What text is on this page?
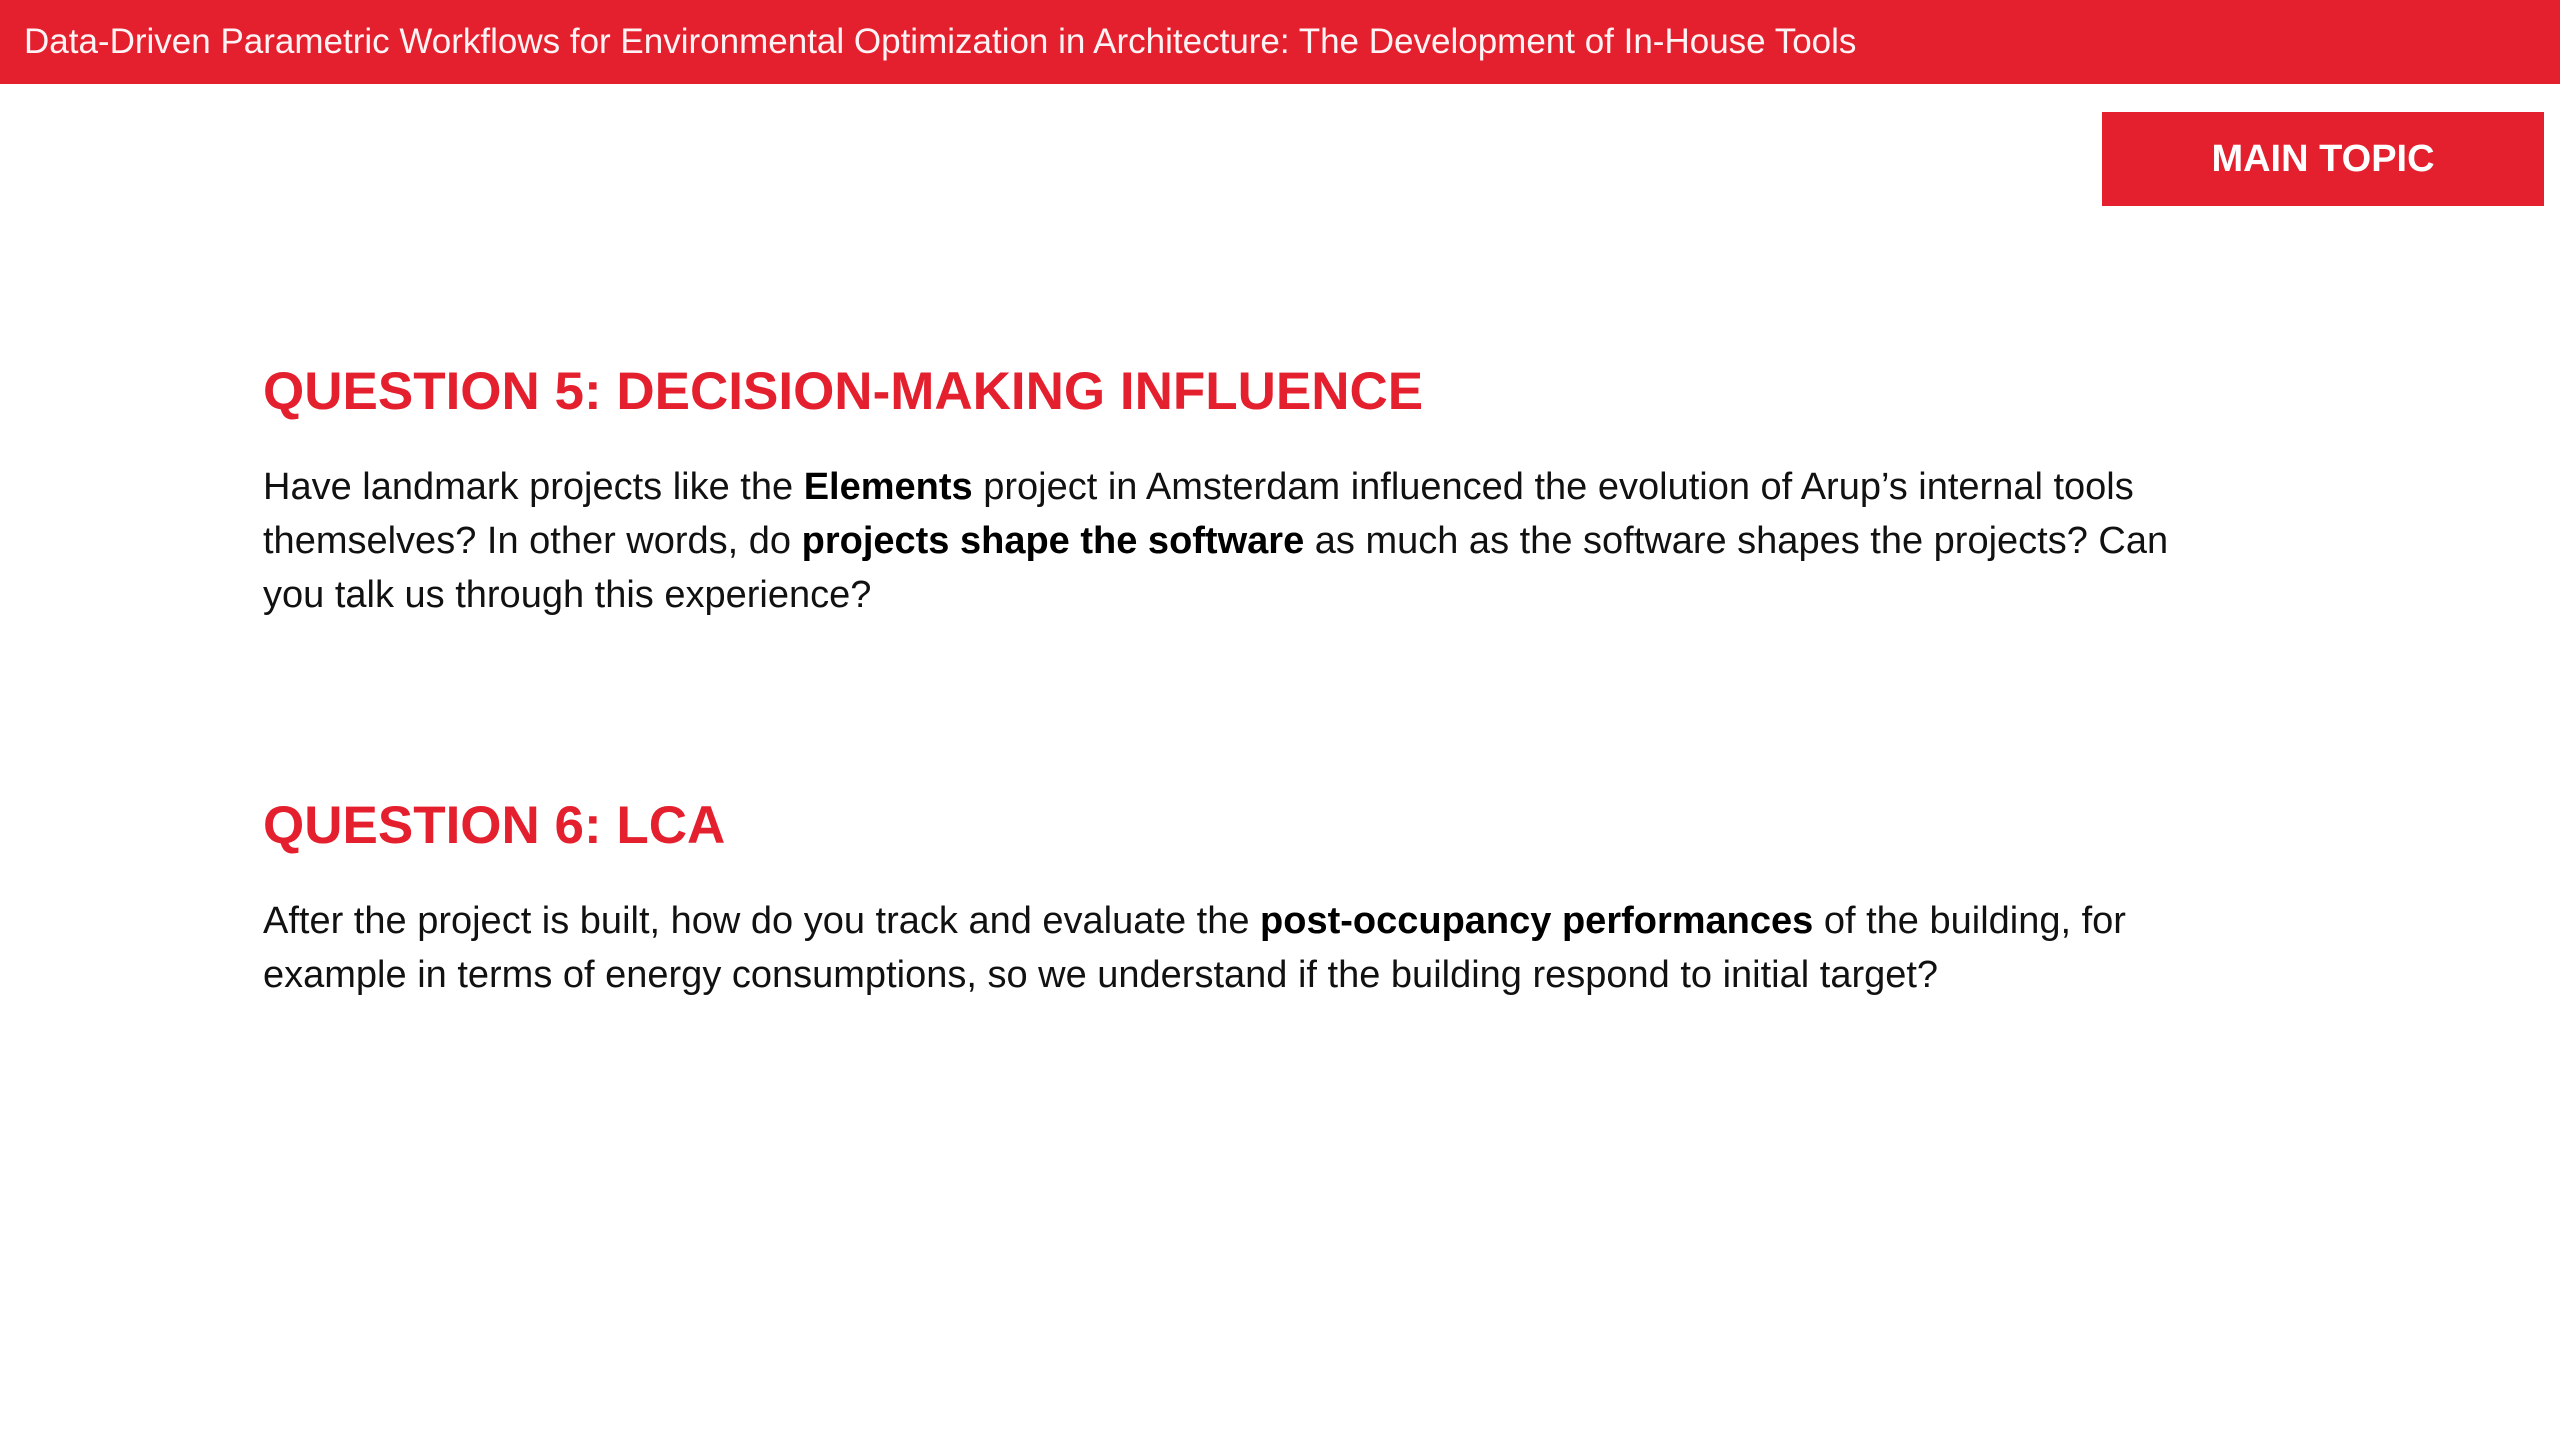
Data-Driven Parametric Workflows for Environmental Optimization in Architecture: The Development of In-House Tools
MAIN TOPIC
QUESTION 5: DECISION-MAKING INFLUENCE

Have landmark projects like the Elements project in Amsterdam influenced the evolution of Arup’s internal tools themselves? In other words, do projects shape the software as much as the software shapes the projects? Can you talk us through this experience?

QUESTION 6: LCA

After the project is built, how do you track and evaluate the post-occupancy performances of the building, for example in terms of energy consumptions, so we understand if the building respond to initial target?
